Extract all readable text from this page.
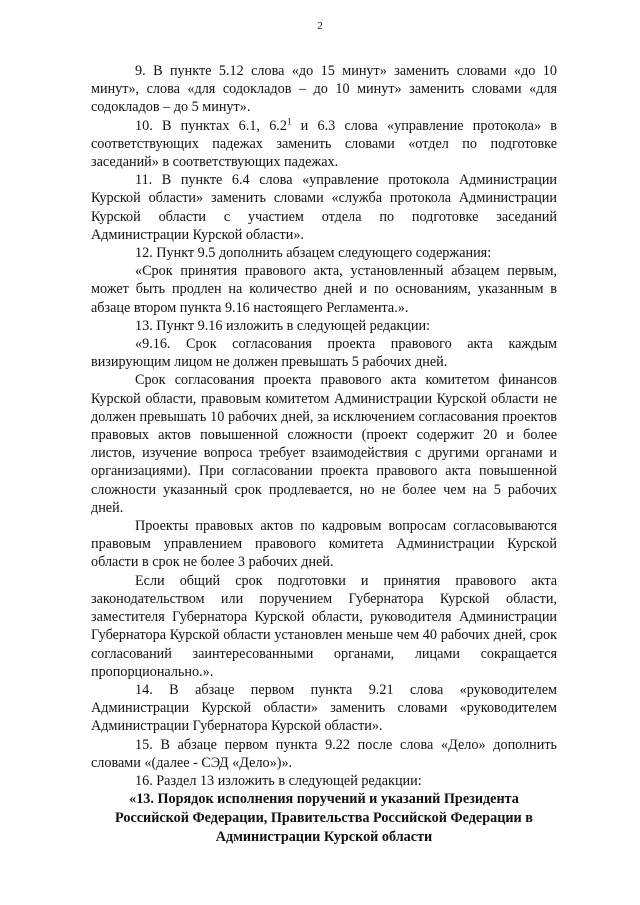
2

9. В пункте 5.12 слова «до 15 минут» заменить словами «до 10 минут», слова «для содокладов – до 10 минут» заменить словами «для содокладов – до 5 минут».

10. В пунктах 6.1, $6.2^1$ и 6.3 слова «управление протокола» в соответствующих падежах заменить словами «отдел по подготовке заседаний» в соответствующих падежах.

11. В пункте 6.4 слова «управление протокола Администрации Курской области» заменить словами «служба протокола Администрации Курской области с участием отдела по подготовке заседаний Администрации Курской области».

12. Пункт 9.5 дополнить абзацем следующего содержания:

«Срок принятия правового акта, установленный абзацем первым, может быть продлен на количество дней и по основаниям, указанным в абзаце втором пункта 9.16 настоящего Регламента.».

13. Пункт 9.16 изложить в следующей редакции:

«9.16. Срок согласования проекта правового акта каждым визирующим лицом не должен превышать 5 рабочих дней.

Срок согласования проекта правового акта комитетом финансов Курской области, правовым комитетом Администрации Курской области не должен превышать 10 рабочих дней, за исключением согласования проектов правовых актов повышенной сложности (проект содержит 20 и более листов, изучение вопроса требует взаимодействия с другими органами и организациями). При согласовании проекта правового акта повышенной сложности указанный срок продлевается, но не более чем на 5 рабочих дней.

Проекты правовых актов по кадровым вопросам согласовываются правовым управлением правового комитета Администрации Курской области в срок не более 3 рабочих дней.

Если общий срок подготовки и принятия правового акта законодательством или поручением Губернатора Курской области, заместителя Губернатора Курской области, руководителя Администрации Губернатора Курской области установлен меньше чем 40 рабочих дней, срок согласований заинтересованными органами, лицами сокращается пропорционально.».

14. В абзаце первом пункта 9.21 слова «руководителем Администрации Курской области» заменить словами «руководителем Администрации Губернатора Курской области».

15. В абзаце первом пункта 9.22 после слова «Дело» дополнить словами «(далее - СЭД «Дело»)».

16. Раздел 13 изложить в следующей редакции:

«13. Порядок исполнения поручений и указаний Президента
Российской Федерации, Правительства Российской Федерации в
Администрации Курской области
